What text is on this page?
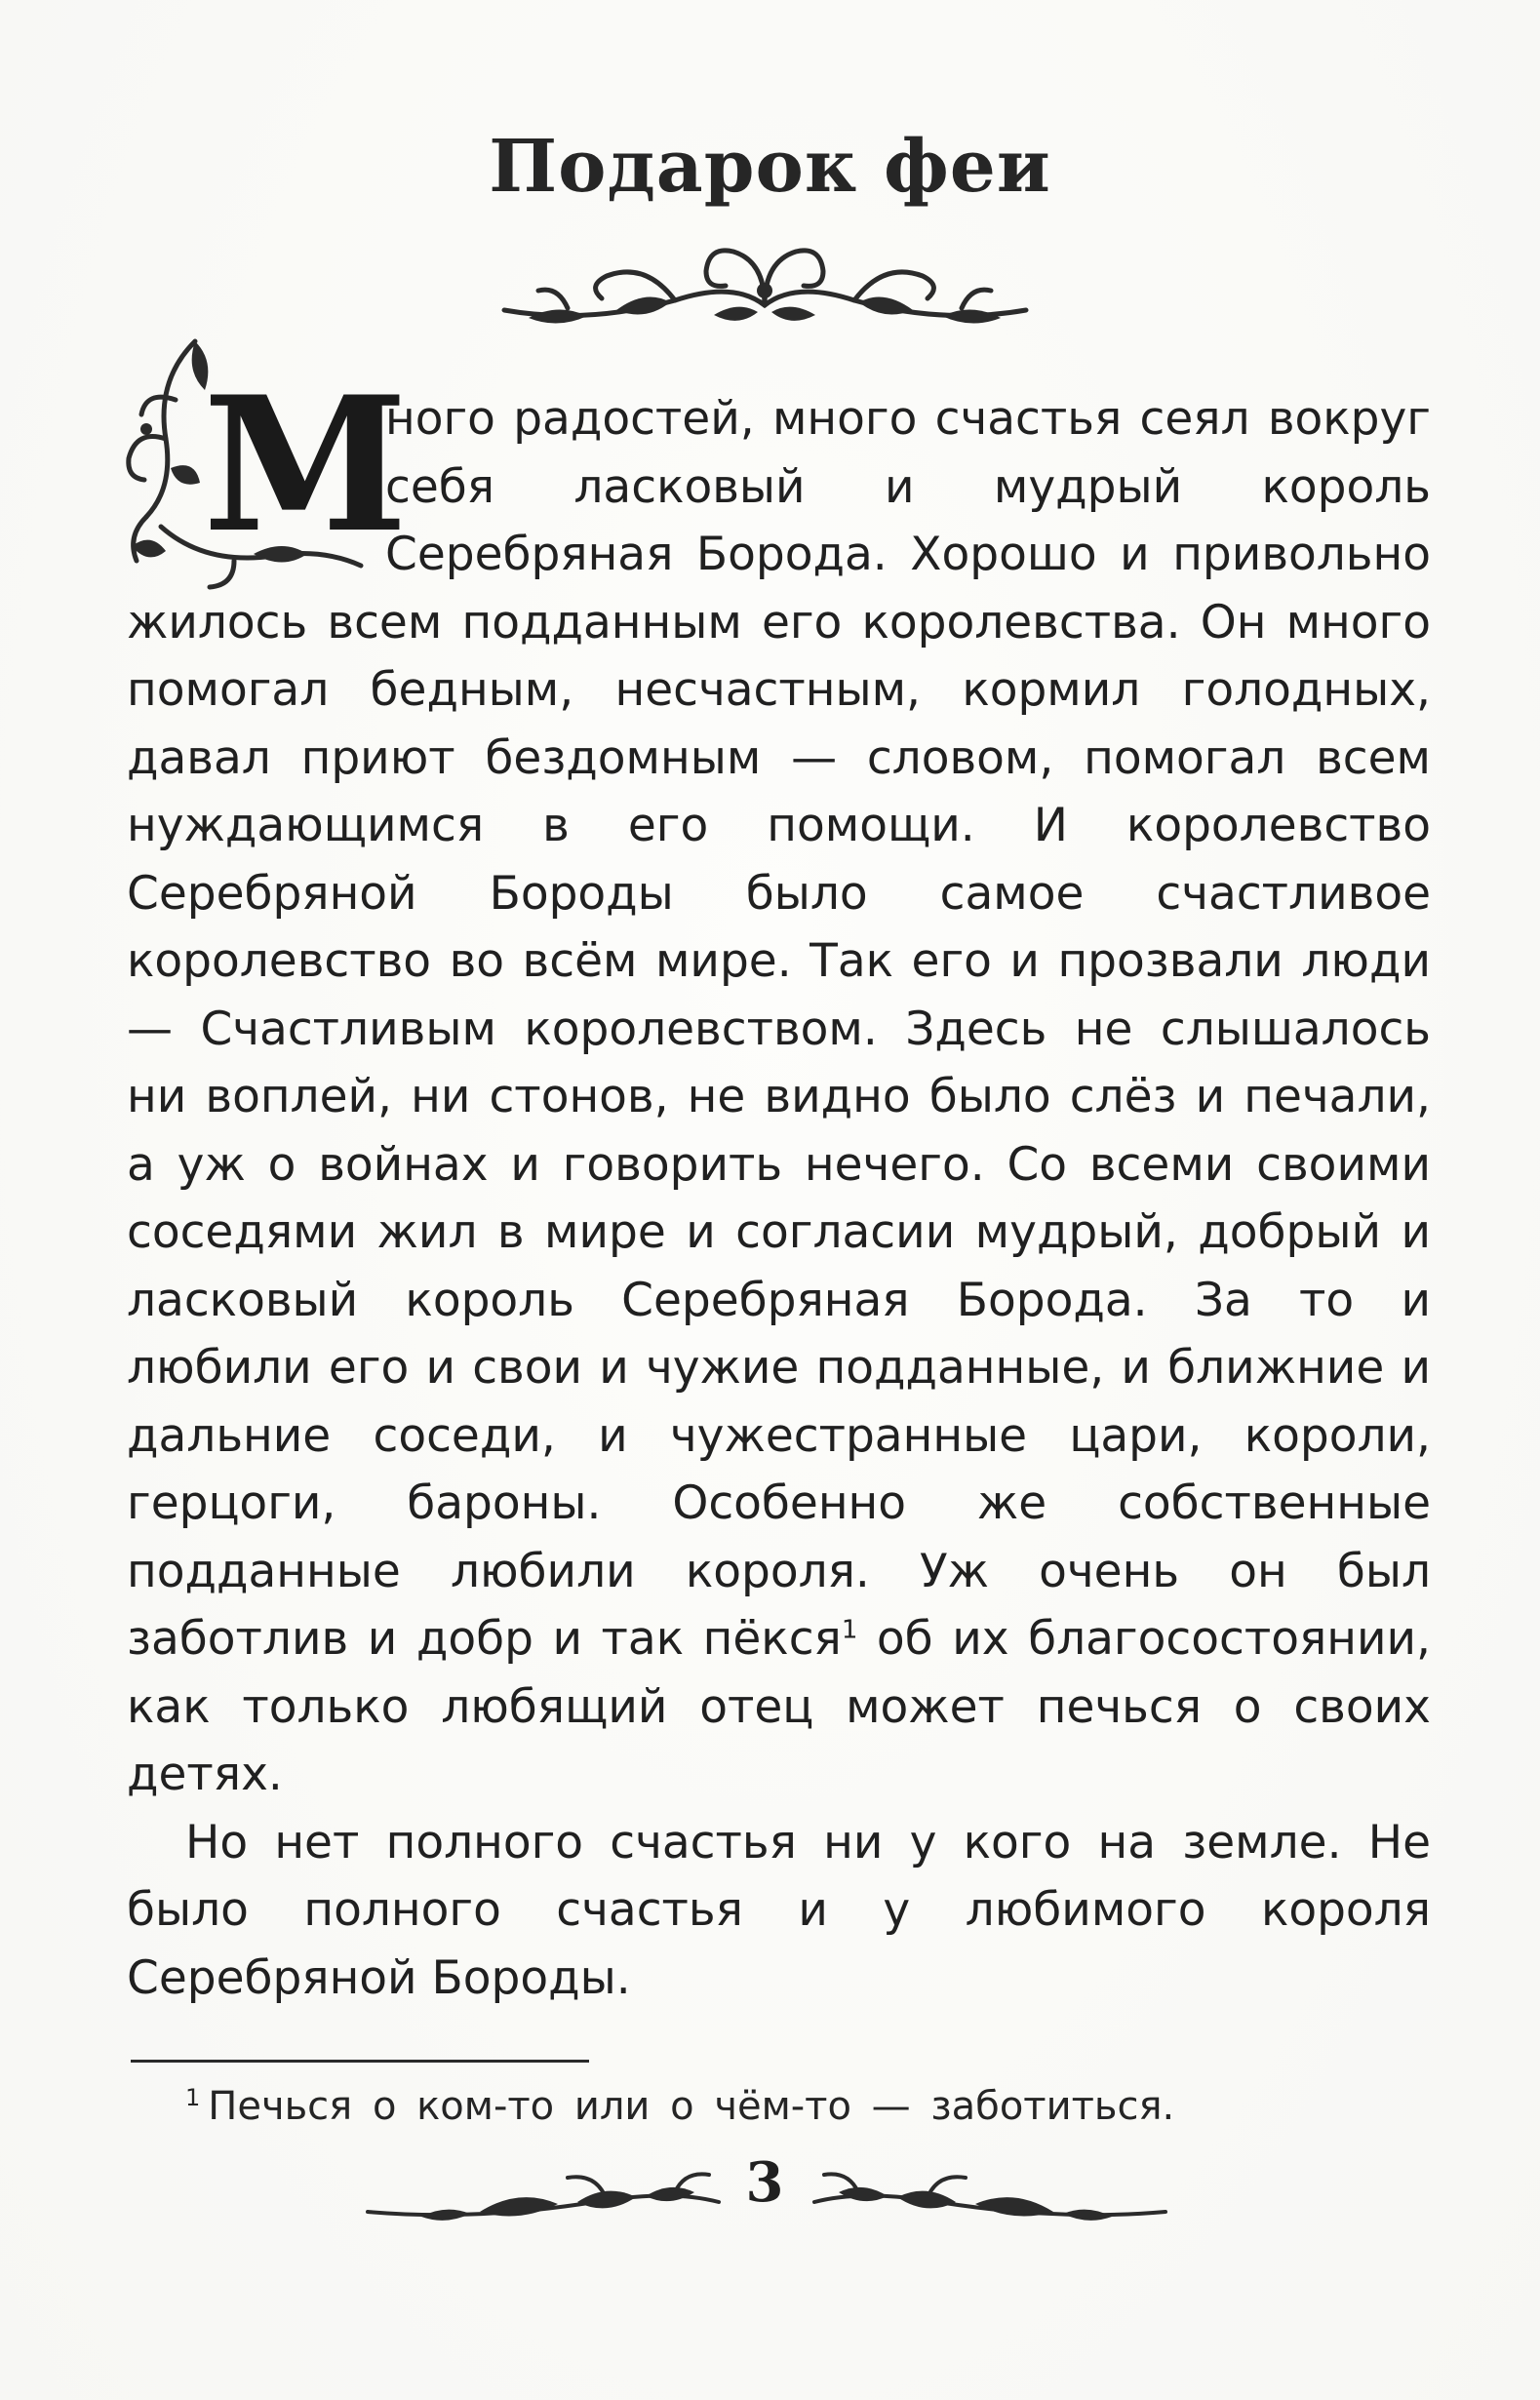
Подарок феи

М
ного радостей, много счастья сеял вокруг себя ласковый и мудрый король Серебряная Борода. Хорошо и привольно жилось всем подданным его королевства. Он много помогал бедным, несчастным, кормил голодных, давал приют бездомным — словом, помогал всем нуждающимся в его помощи. И королевство Серебряной Бороды было самое счастливое королевство во всём мире. Так его и прозвали люди — Счастливым королевством. Здесь не слышалось ни воплей, ни стонов, не видно было слёз и печали, а уж о войнах и говорить нечего. Со всеми своими соседями жил в мире и согласии мудрый, добрый и ласковый король Серебряная Борода. За то и любили его и свои и чужие подданные, и ближние и дальние соседи, и чужестранные цари, короли, герцоги, бароны. Особенно же собственные подданные любили короля. Уж очень он был заботлив и добр и так пёкся$^1$ об их благосостоянии, как только любящий отец может печься о своих детях.

Но нет полного счастья ни у кого на земле. Не было полного счастья и у любимого короля Серебряной Бороды.

$^1$ Печься о ком-то или о чём-то — заботиться.
3
